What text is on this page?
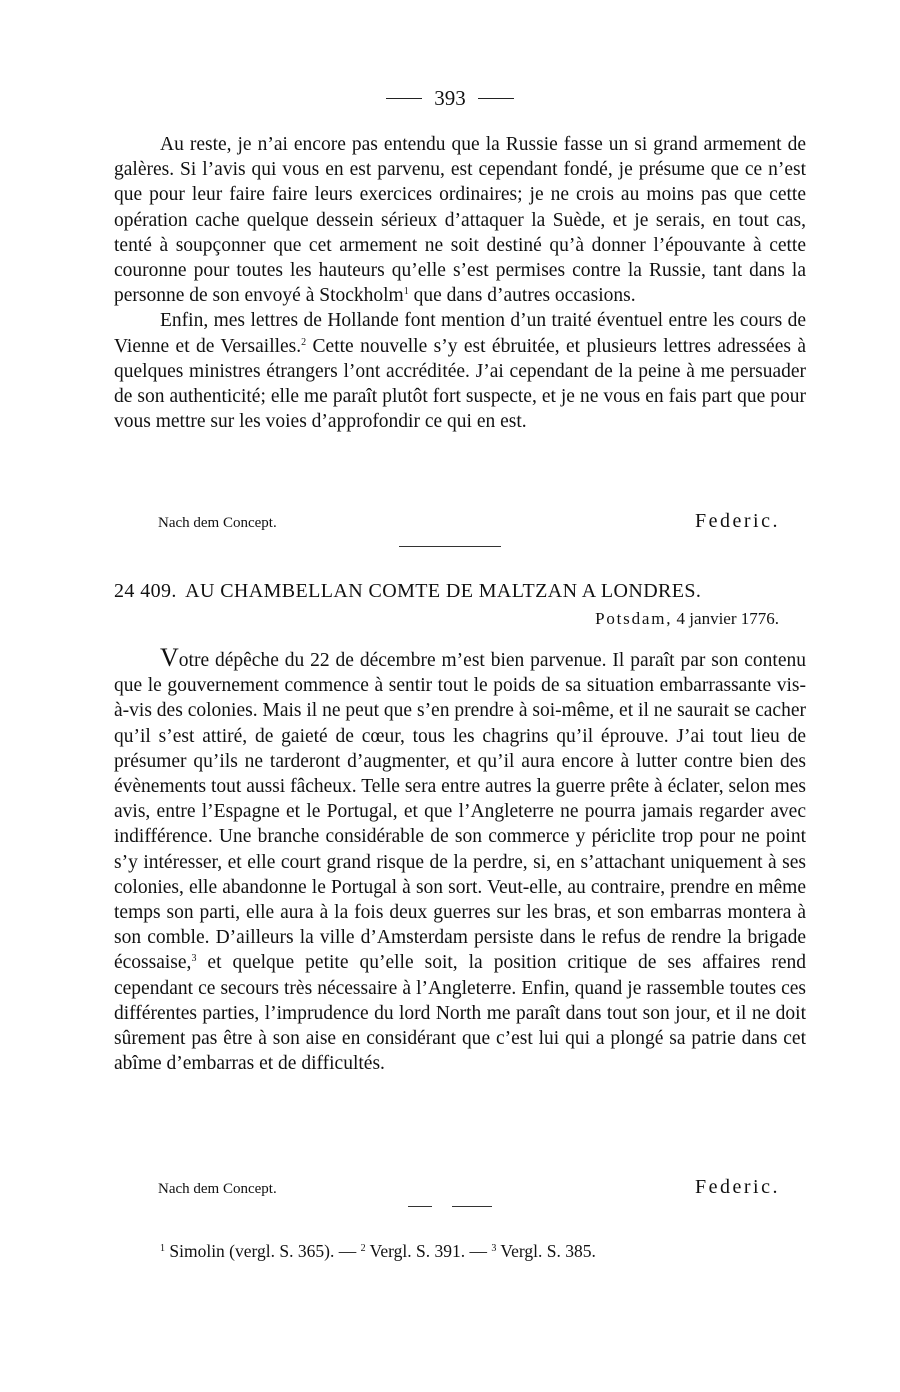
393

Au reste, je n’ai encore pas entendu que la Russie fasse un si grand armement de galères. Si l’avis qui vous en est parvenu, est cependant fondé, je présume que ce n’est que pour leur faire faire leurs exercices ordinaires; je ne crois au moins pas que cette opération cache quelque dessein sérieux d’attaquer la Suède, et je serais, en tout cas, tenté à soupçonner que cet armement ne soit destiné qu’à donner l’épouvante à cette couronne pour toutes les hauteurs qu’elle s’est permises contre la Russie, tant dans la personne de son envoyé à Stockholm$^1$ que dans d’autres occasions.

Enfin, mes lettres de Hollande font mention d’un traité éventuel entre les cours de Vienne et de Versailles.$^2$ Cette nouvelle s’y est ébruitée, et plusieurs lettres adressées à quelques ministres étrangers l’ont accréditée. J’ai cependant de la peine à me persuader de son authenticité; elle me paraît plutôt fort suspecte, et je ne vous en fais part que pour vous mettre sur les voies d’approfondir ce qui en est.

Nach dem Concept.	Federic.
24 409. AU CHAMBELLAN COMTE DE MALTZAN A LONDRES.
Potsdam, 4 janvier 1776.

Votre dépêche du 22 de décembre m’est bien parvenue. Il paraît par son contenu que le gouvernement commence à sentir tout le poids de sa situation embarrassante vis-à-vis des colonies. Mais il ne peut que s’en prendre à soi-même, et il ne saurait se cacher qu’il s’est attiré, de gaieté de cœur, tous les chagrins qu’il éprouve. J’ai tout lieu de présumer qu’ils ne tarderont d’augmenter, et qu’il aura encore à lutter contre bien des évènements tout aussi fâcheux. Telle sera entre autres la guerre prête à éclater, selon mes avis, entre l’Espagne et le Portugal, et que l’Angleterre ne pourra jamais regarder avec indifférence. Une branche considérable de son commerce y périclite trop pour ne point s’y intéresser, et elle court grand risque de la perdre, si, en s’attachant uniquement à ses colonies, elle abandonne le Portugal à son sort. Veut-elle, au contraire, prendre en même temps son parti, elle aura à la fois deux guerres sur les bras, et son embarras montera à son comble. D’ailleurs la ville d’Amsterdam persiste dans le refus de rendre la brigade écossaise,$^3$ et quelque petite qu’elle soit, la position critique de ses affaires rend cependant ce secours très nécessaire à l’Angleterre. Enfin, quand je rassemble toutes ces différentes parties, l’imprudence du lord North me paraît dans tout son jour, et il ne doit sûrement pas être à son aise en considérant que c’est lui qui a plongé sa patrie dans cet abîme d’embarras et de difficultés.

Nach dem Concept.	Federic.
$^1$ Simolin (vergl. S. 365). — $^2$ Vergl. S. 391. — $^3$ Vergl. S. 385.
